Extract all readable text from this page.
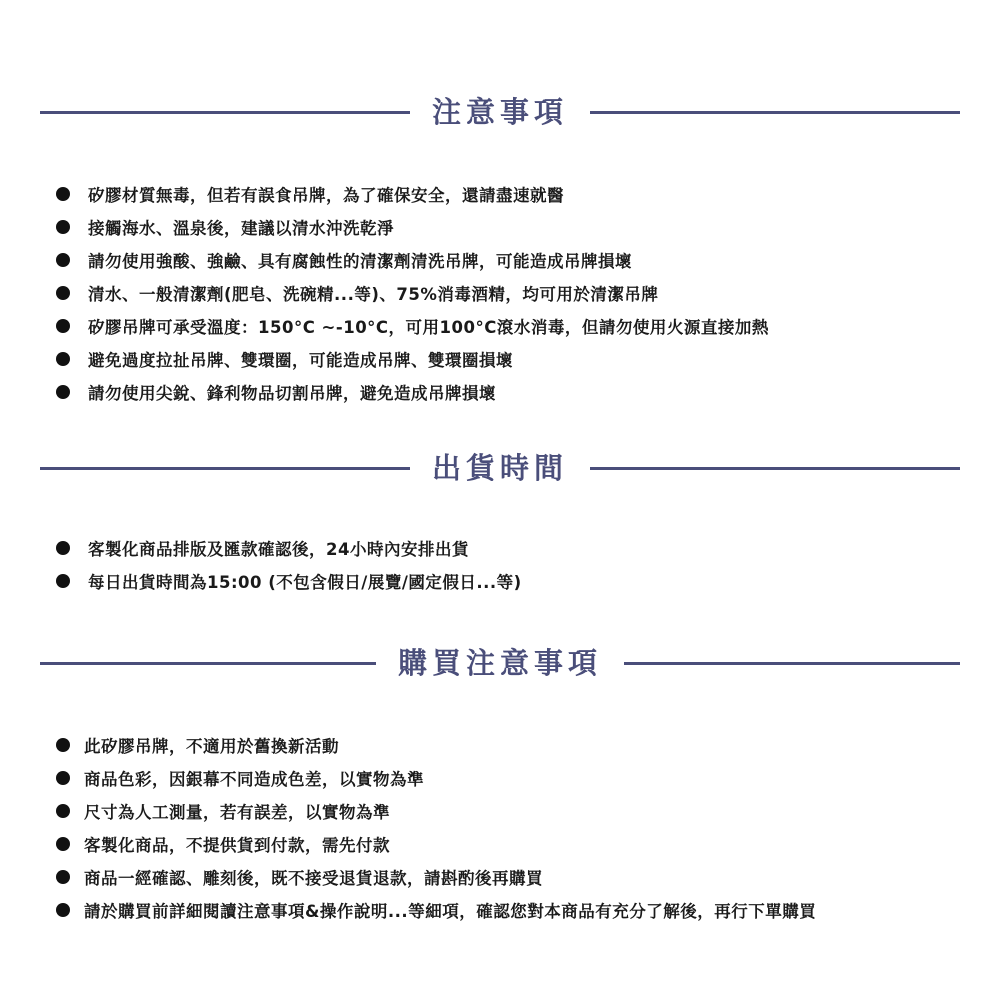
注意事項
矽膠材質無毒，但若有誤食吊牌，為了確保安全，還請盡速就醫
接觸海水、溫泉後，建議以清水沖洗乾淨
請勿使用強酸、強鹼、具有腐蝕性的清潔劑清洗吊牌，可能造成吊牌損壞
清水、一般清潔劑(肥皂、洗碗精...等)、75%消毒酒精，均可用於清潔吊牌
矽膠吊牌可承受溫度：150°C ~-10°C，可用100°C滾水消毒，但請勿使用火源直接加熱
避免過度拉扯吊牌、雙環圈，可能造成吊牌、雙環圈損壞
請勿使用尖銳、鋒利物品切割吊牌，避免造成吊牌損壞
出貨時間
客製化商品排版及匯款確認後，24小時內安排出貨
每日出貨時間為15:00 (不包含假日/展覽/國定假日...等)
購買注意事項
此矽膠吊牌，不適用於舊換新活動
商品色彩，因銀幕不同造成色差，以實物為準
尺寸為人工測量，若有誤差，以實物為準
客製化商品，不提供貨到付款，需先付款
商品一經確認、雕刻後，既不接受退貨退款，請斟酌後再購買
請於購買前詳細閱讀注意事項&操作說明...等細項，確認您對本商品有充分了解後，再行下單購買
